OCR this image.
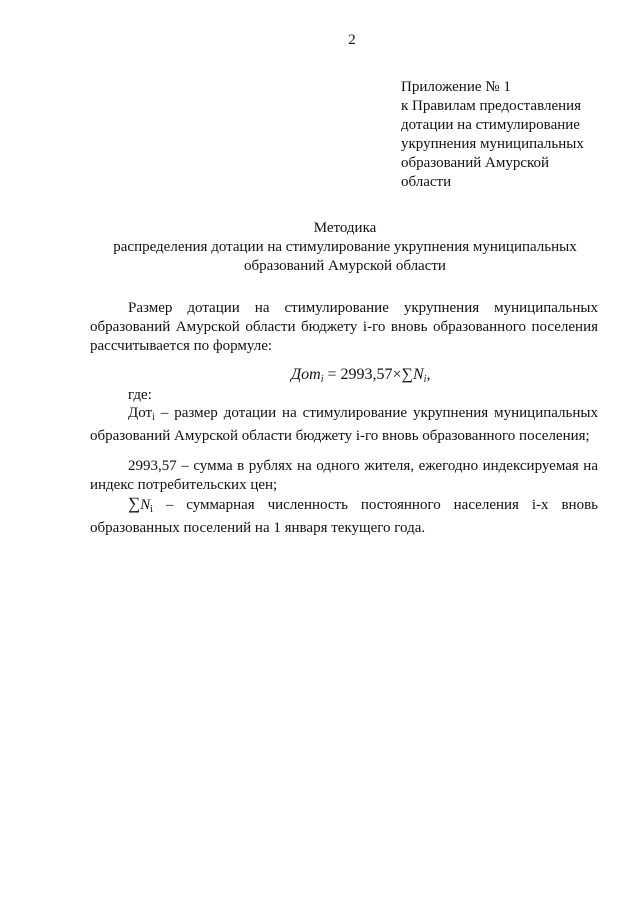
2
Приложение № 1
к Правилам предоставления
дотации на стимулирование
укрупнения муниципальных
образований Амурской
области
Методика
распределения дотации на стимулирование укрупнения муниципальных
образований Амурской области
Размер дотации на стимулирование укрупнения муниципальных образований Амурской области бюджету i-го вновь образованного поселения рассчитывается по формуле:
$Дот_i = 2993,57\times\sum N_i$,
где:
Дот$_i$ – размер дотации на стимулирование укрупнения муниципальных образований Амурской области бюджету i-го вновь образованного поселения;
2993,57 – сумма в рублях на одного жителя, ежегодно индексируемая на индекс потребительских цен;
$\sum N_i$ – суммарная численность постоянного населения i-х вновь образованных поселений на 1 января текущего года.
